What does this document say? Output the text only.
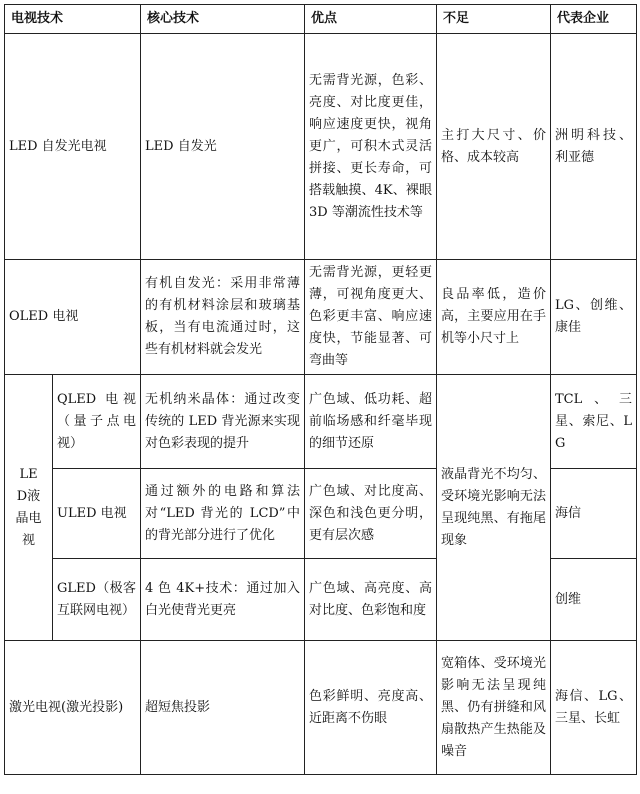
电视技术		核心技术	优点	不足	代表企业
LED 自发光电视		LED 自发光	无需背光源，色彩、亮度、对比度更佳，响应速度更快，视角更广，可积木式灵活拼接、更长寿命，可搭载触摸、4K、裸眼3D 等潮流性技术等	主打大尺寸、价格、成本较高	洲明科技、利亚德
OLED 电视		有机自发光：采用非常薄的有机材料涂层和玻璃基板，当有电流通过时，这些有机材料就会发光	无需背光源，更轻更薄，可视角度更大、色彩更丰富、响应速度快，节能显著、可弯曲等	良品率低，造价高，主要应用在手机等小尺寸上	LG、创维、康佳
LED液晶电视	QLED 电视（量子点电视）	无机纳米晶体：通过改变传统的 LED 背光源来实现对色彩表现的提升	广色域、低功耗、超前临场感和纤毫毕现的细节还原	液晶背光不均匀、受环境光影响无法呈现纯黑、有拖尾现象	TCL、三星、索尼、LG
	ULED 电视	通过额外的电路和算法对“LED 背光的 LCD”中的背光部分进行了优化	广色域、对比度高、深色和浅色更分明，更有层次感		海信
	GLED（极客互联网电视）	4 色 4K+技术：通过加入白光使背光更亮	广色域、高亮度、高对比度、色彩饱和度		创维
激光电视(激光投影)		超短焦投影	色彩鲜明、亮度高、近距离不伤眼	宽箱体、受环境光影响无法呈现纯黑、仍有拼缝和风扇散热产生热能及噪音	海信、LG、三星、长虹
